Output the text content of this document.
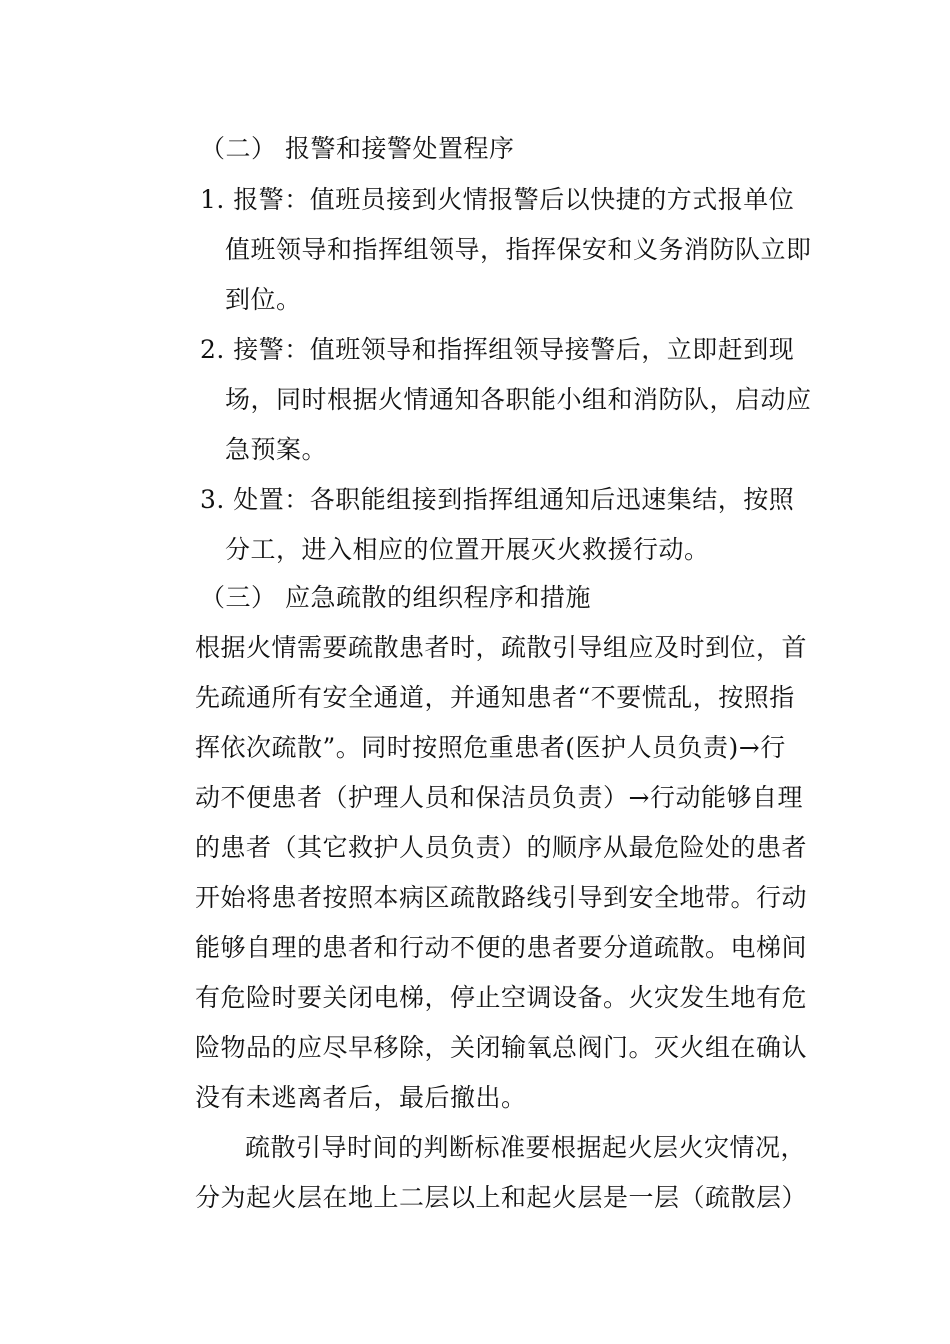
（二） 报警和接警处置程序
1. 报警：值班员接到火情报警后以快捷的方式报单位
值班领导和指挥组领导，指挥保安和义务消防队立即
到位。
2. 接警：值班领导和指挥组领导接警后，立即赶到现
场，同时根据火情通知各职能小组和消防队，启动应
急预案。
3. 处置：各职能组接到指挥组通知后迅速集结，按照
分工，进入相应的位置开展灭火救援行动。
（三） 应急疏散的组织程序和措施
根据火情需要疏散患者时，疏散引导组应及时到位，首
先疏通所有安全通道，并通知患者“不要慌乱，按照指
挥依次疏散”。同时按照危重患者(医护人员负责)→行
动不便患者（护理人员和保洁员负责）→行动能够自理
的患者（其它救护人员负责）的顺序从最危险处的患者
开始将患者按照本病区疏散路线引导到安全地带。行动
能够自理的患者和行动不便的患者要分道疏散。电梯间
有危险时要关闭电梯，停止空调设备。火灾发生地有危
险物品的应尽早移除，关闭输氧总阀门。灭火组在确认
没有未逃离者后，最后撤出。
疏散引导时间的判断标准要根据起火层火灾情况，
分为起火层在地上二层以上和起火层是一层（疏散层）
